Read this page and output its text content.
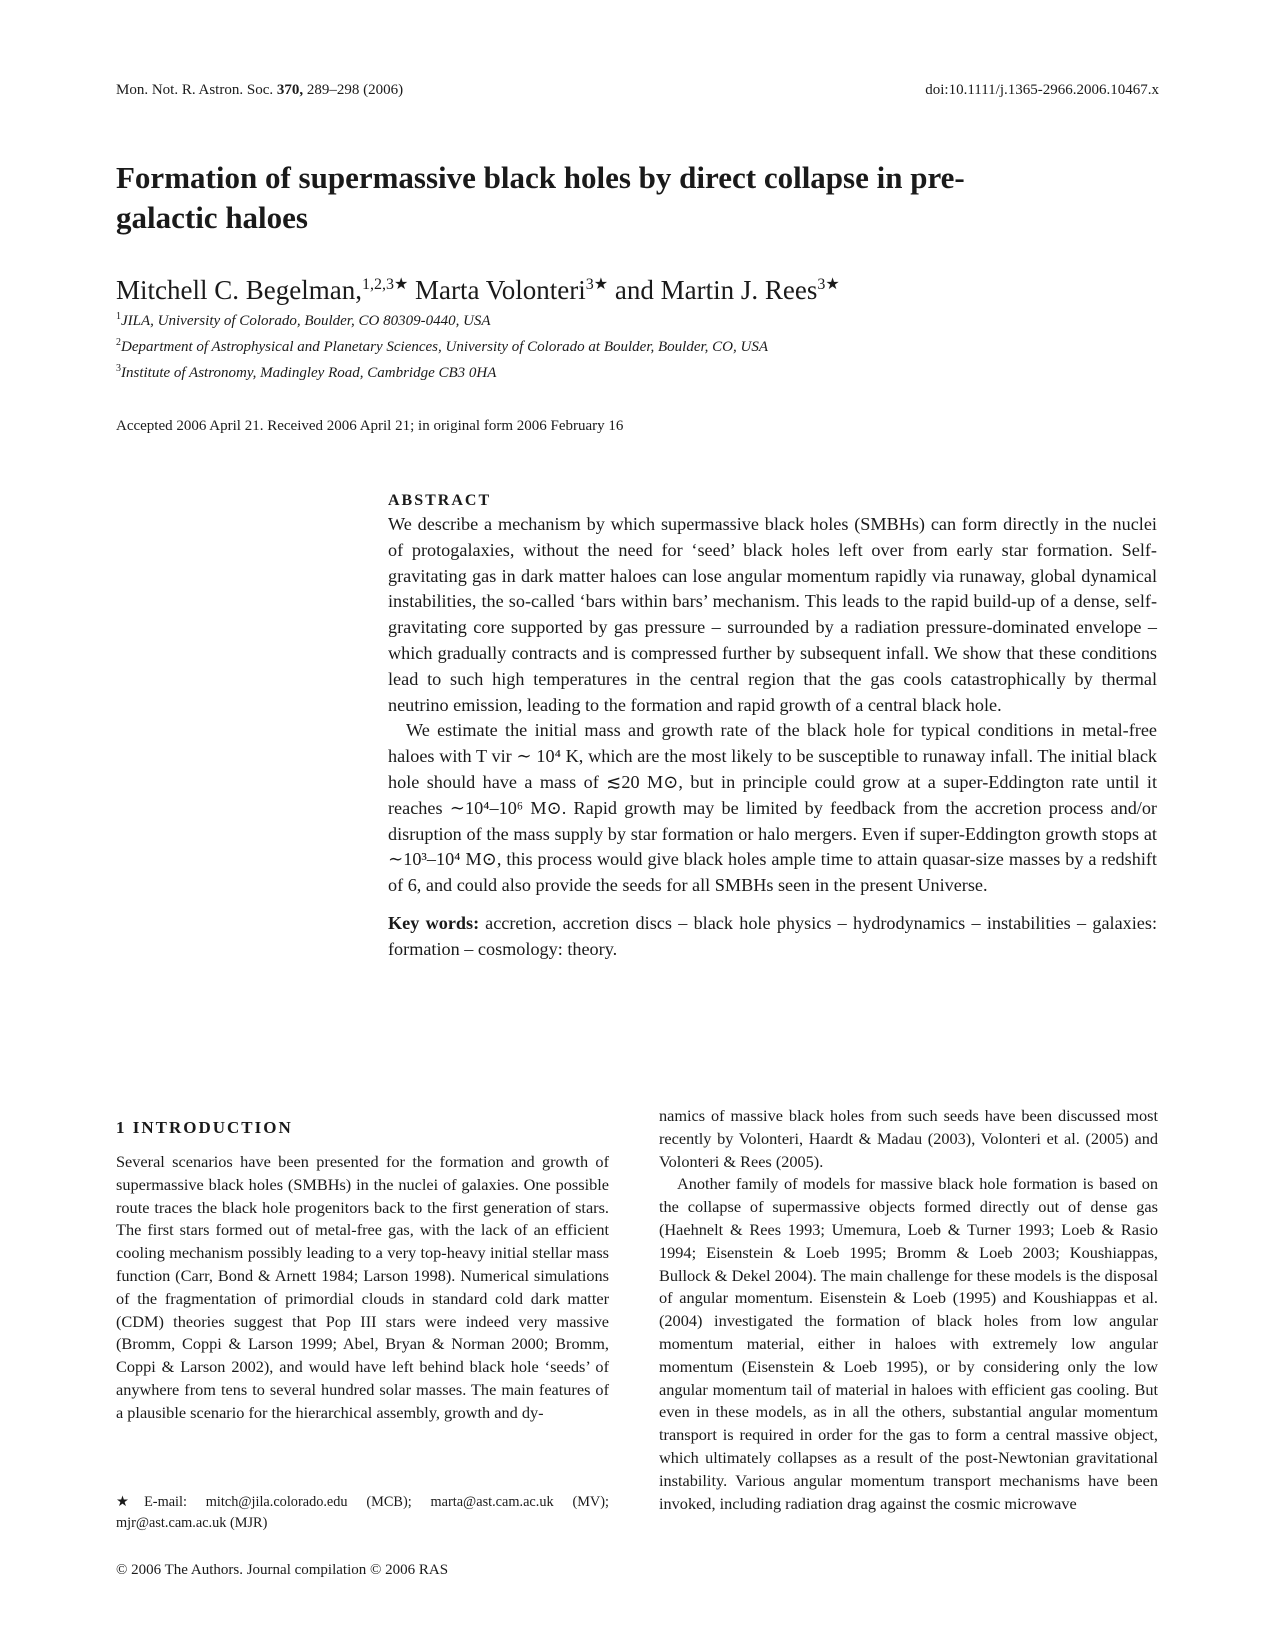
Mon. Not. R. Astron. Soc. 370, 289–298 (2006)	doi:10.1111/j.1365-2966.2006.10467.x
Formation of supermassive black holes by direct collapse in pre-galactic haloes
Mitchell C. Begelman,$^{1,2,3★}$ Marta Volonteri$^{3★}$ and Martin J. Rees$^{3★}$
$^1$JILA, University of Colorado, Boulder, CO 80309-0440, USA
$^2$Department of Astrophysical and Planetary Sciences, University of Colorado at Boulder, Boulder, CO, USA
$^3$Institute of Astronomy, Madingley Road, Cambridge CB3 0HA
Accepted 2006 April 21. Received 2006 April 21; in original form 2006 February 16
ABSTRACT

We describe a mechanism by which supermassive black holes (SMBHs) can form directly in the nuclei of protogalaxies, without the need for ‘seed’ black holes left over from early star formation. Self-gravitating gas in dark matter haloes can lose angular momentum rapidly via runaway, global dynamical instabilities, the so-called ‘bars within bars’ mechanism. This leads to the rapid build-up of a dense, self-gravitating core supported by gas pressure – surrounded by a radiation pressure-dominated envelope – which gradually contracts and is compressed further by subsequent infall. We show that these conditions lead to such high temperatures in the central region that the gas cools catastrophically by thermal neutrino emission, leading to the formation and rapid growth of a central black hole.

We estimate the initial mass and growth rate of the black hole for typical conditions in metal-free haloes with T vir ∼ 10⁴ K, which are the most likely to be susceptible to runaway infall. The initial black hole should have a mass of ≲20 M⊙, but in principle could grow at a super-Eddington rate until it reaches ∼10⁴–10⁶ M⊙. Rapid growth may be limited by feedback from the accretion process and/or disruption of the mass supply by star formation or halo mergers. Even if super-Eddington growth stops at ∼10³–10⁴ M⊙, this process would give black holes ample time to attain quasar-size masses by a redshift of 6, and could also provide the seeds for all SMBHs seen in the present Universe.

Key words: accretion, accretion discs – black hole physics – hydrodynamics – instabilities – galaxies: formation – cosmology: theory.

1 INTRODUCTION

Several scenarios have been presented for the formation and growth of supermassive black holes (SMBHs) in the nuclei of galaxies. One possible route traces the black hole progenitors back to the first generation of stars. The first stars formed out of metal-free gas, with the lack of an efficient cooling mechanism possibly leading to a very top-heavy initial stellar mass function (Carr, Bond & Arnett 1984; Larson 1998). Numerical simulations of the fragmentation of primordial clouds in standard cold dark matter (CDM) theories suggest that Pop III stars were indeed very massive (Bromm, Coppi & Larson 1999; Abel, Bryan & Norman 2000; Bromm, Coppi & Larson 2002), and would have left behind black hole ‘seeds’ of anywhere from tens to several hundred solar masses. The main features of a plausible scenario for the hierarchical assembly, growth and dy-

namics of massive black holes from such seeds have been discussed most recently by Volonteri, Haardt & Madau (2003), Volonteri et al. (2005) and Volonteri & Rees (2005).

Another family of models for massive black hole formation is based on the collapse of supermassive objects formed directly out of dense gas (Haehnelt & Rees 1993; Umemura, Loeb & Turner 1993; Loeb & Rasio 1994; Eisenstein & Loeb 1995; Bromm & Loeb 2003; Koushiappas, Bullock & Dekel 2004). The main challenge for these models is the disposal of angular momentum. Eisenstein & Loeb (1995) and Koushiappas et al. (2004) investigated the formation of black holes from low angular momentum material, either in haloes with extremely low angular momentum (Eisenstein & Loeb 1995), or by considering only the low angular momentum tail of material in haloes with efficient gas cooling. But even in these models, as in all the others, substantial angular momentum transport is required in order for the gas to form a central massive object, which ultimately collapses as a result of the post-Newtonian gravitational instability. Various angular momentum transport mechanisms have been invoked, including radiation drag against the cosmic microwave

★E-mail: mitch@jila.colorado.edu (MCB); marta@ast.cam.ac.uk (MV); mjr@ast.cam.ac.uk (MJR)
© 2006 The Authors. Journal compilation © 2006 RAS
